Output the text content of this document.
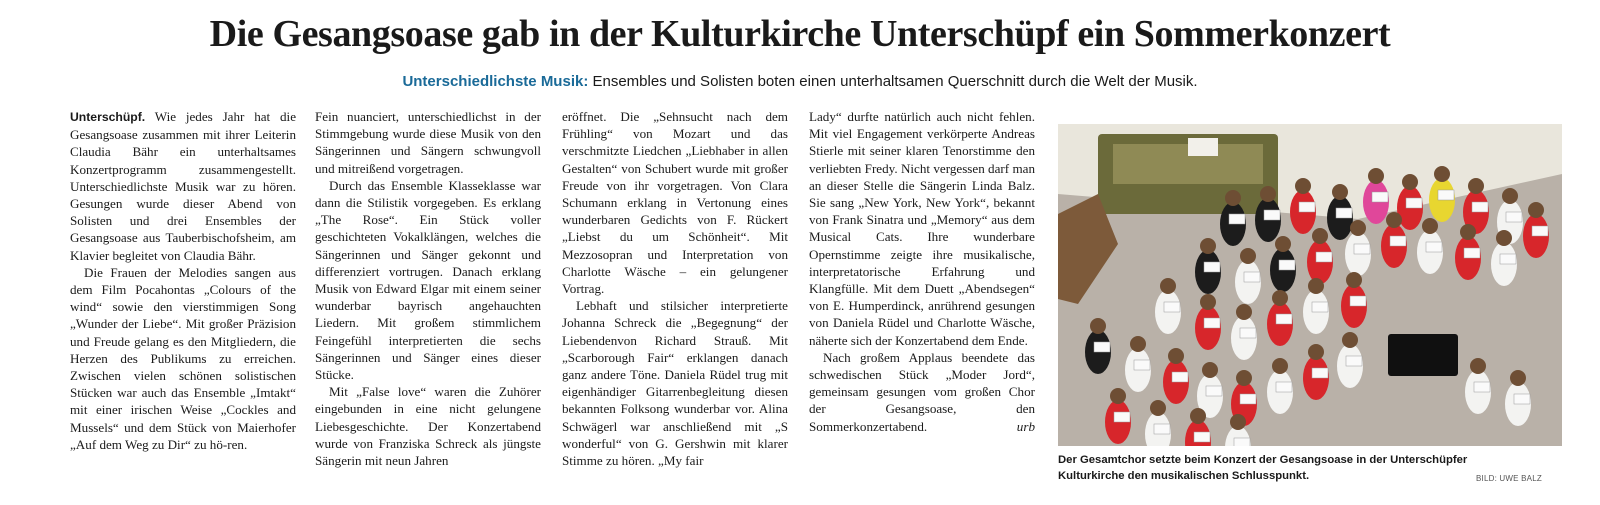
Die Gesangsoase gab in der Kulturkirche Unterschüpf ein Sommerkonzert
Unterschiedlichste Musik: Ensembles und Solisten boten einen unterhaltsamen Querschnitt durch die Welt der Musik.

Unterschüpf. Wie jedes Jahr hat die Gesangsoase zusammen mit ihrer Leiterin Claudia Bähr ein unterhaltsames Konzertprogramm zusammengestellt. Unterschiedlichste Musik war zu hören. Gesungen wurde dieser Abend von Solisten und drei Ensembles der Gesangsoase aus Tauberbischofsheim, am Klavier begleitet von Claudia Bähr.

Die Frauen der Melodies sangen aus dem Film Pocahontas „Colours of the wind“ sowie den vierstimmigen Song „Wunder der Liebe“. Mit großer Präzision und Freude gelang es den Mitgliedern, die Herzen des Publikums zu erreichen. Zwischen vielen schönen solistischen Stücken war auch das Ensemble „Imtakt“ mit einer irischen Weise „Cockles and Mussels“ und dem Stück von Maierhofer „Auf dem Weg zu Dir“ zu hö-ren.

Fein nuanciert, unterschiedlichst in der Stimmgebung wurde diese Musik von den Sängerinnen und Sängern schwungvoll und mitreißend vorgetragen.

Durch das Ensemble Klasseklasse war dann die Stilistik vorgegeben. Es erklang „The Rose“. Ein Stück voller geschichteten Vokalklängen, welches die Sängerinnen und Sänger gekonnt und differenziert vortrugen. Danach erklang Musik von Edward Elgar mit einem seiner wunderbar bayrisch angehauchten Liedern. Mit großem stimmlichem Feingefühl interpretierten die sechs Sängerinnen und Sänger eines dieser Stücke.

Mit „False love“ waren die Zuhörer eingebunden in eine nicht gelungene Liebesgeschichte. Der Konzertabend wurde von Franziska Schreck als jüngste Sängerin mit neun Jahren

eröffnet. Die „Sehnsucht nach dem Frühling“ von Mozart und das verschmitzte Liedchen „Liebhaber in allen Gestalten“ von Schubert wurde mit großer Freude von ihr vorgetragen. Von Clara Schumann erklang in Vertonung eines wunderbaren Gedichts von F. Rückert „Liebst du um Schönheit“. Mit Mezzosopran und Interpretation von Charlotte Wäsche – ein gelungener Vortrag.

Lebhaft und stilsicher interpretierte Johanna Schreck die „Begegnung“ der Liebendenvon Richard Strauß. Mit „Scarborough Fair“ erklangen danach ganz andere Töne. Daniela Rüdel trug mit eigenhändiger Gitarrenbegleitung diesen bekannten Folksong wunderbar vor. Alina Schwägerl war anschließend mit „S wonderful“ von G. Gershwin mit klarer Stimme zu hören. „My fair

Lady“ durfte natürlich auch nicht fehlen. Mit viel Engagement verkörperte Andreas Stierle mit seiner klaren Tenorstimme den verliebten Fredy. Nicht vergessen darf man an dieser Stelle die Sängerin Linda Balz. Sie sang „New York, New York“, bekannt von Frank Sinatra und „Memory“ aus dem Musical Cats. Ihre wunderbare Opernstimme zeigte ihre musikalische, interpretatorische Erfahrung und Klangfülle. Mit dem Duett „Abendsegen“ von E. Humperdinck, anrührend gesungen von Daniela Rüdel und Charlotte Wäsche, näherte sich der Konzertabend dem Ende.

Nach großem Applaus beendete das schwedischen Stück „Moder Jord“, gemeinsam gesungen vom großen Chor der Gesangsoase, den Sommerkonzertabend.	urb

Der Gesamtchor setzte beim Konzert der Gesangsoase in der Unterschüpfer Kulturkirche den musikalischen Schlusspunkt.	BILD: UWE BALZ
